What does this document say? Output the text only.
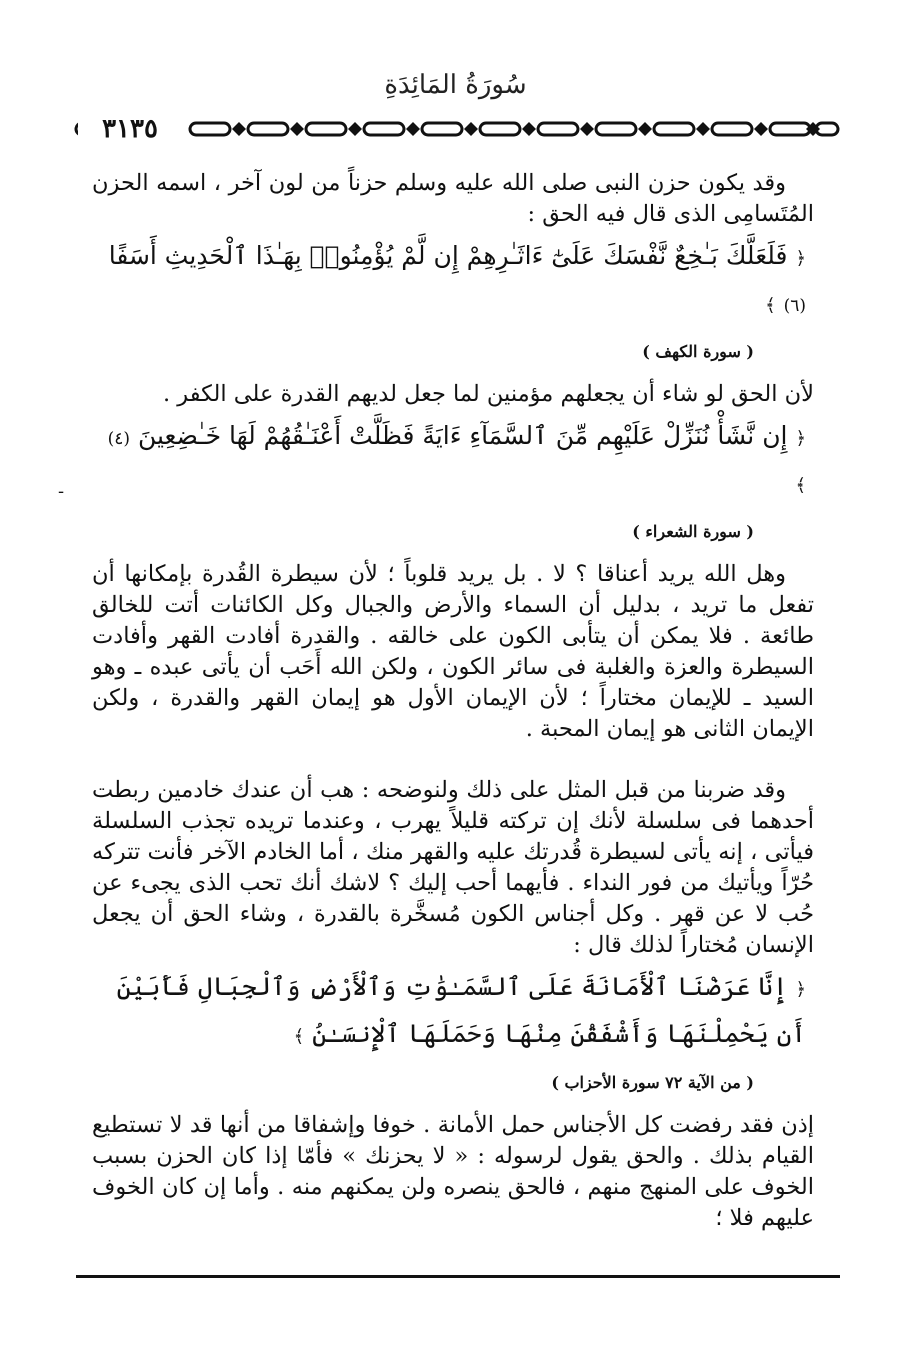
سُورَةُ المَائِدَةِ
٣١٣٥
-

وقد يكون حزن النبى صلى الله عليه وسلم حزناً من لون آخر ، اسمه الحزن المُتَسامِى الذى قال فيه الحق :

﴿ فَلَعَلَّكَ بَـٰخِعٌ نَّفْسَكَ عَلَىٰٓ ءَاثَـٰرِهِمْ إِن لَّمْ يُؤْمِنُوا۟ بِهَـٰذَا ٱلْحَدِيثِ أَسَفًا (٦) ﴾
( سورة الكهف )

لأن الحق لو شاء أن يجعلهم مؤمنين لما جعل لديهم القدرة على الكفر .

﴿ إِن نَّشَأْ نُنَزِّلْ عَلَيْهِم مِّنَ ٱلسَّمَآءِ ءَايَةً فَظَلَّتْ أَعْنَـٰقُهُمْ لَهَا خَـٰضِعِينَ (٤) ﴾
( سورة الشعراء )

وهل الله يريد أعناقا ؟ لا . بل يريد قلوباً ؛ لأن سيطرة القُدرة بإمكانها أن تفعل ما تريد ، بدليل أن السماء والأرض والجبال وكل الكائنات أتت للخالق طائعة . فلا يمكن أن يتأبى الكون على خالقه . والقدرة أفادت القهر وأفادت السيطرة والعزة والغلبة فى سائر الكون ، ولكن الله أَحَب أن يأتى عبده ـ وهو السيد ـ للإيمان مختاراً ؛ لأن الإيمان الأول هو إيمان القهر والقدرة ، ولكن الإيمان الثانى هو إيمان المحبة .

وقد ضربنا من قبل المثل على ذلك ولنوضحه : هب أن عندك خادمين ربطت أحدهما فى سلسلة لأنك إن تركته قليلاً يهرب ، وعندما تريده تجذب السلسلة فيأتى ، إنه يأتى لسيطرة قُدرتك عليه والقهر منك ، أما الخادم الآخر فأنت تتركه حُرّاً ويأتيك من فور النداء . فأيهما أحب إليك ؟ لاشك أنك تحب الذى يجىء عن حُب لا عن قهر . وكل أجناس الكون مُسخَّرة بالقدرة ، وشاء الحق أن يجعل الإنسان مُختاراً لذلك قال :

﴿ إِنَّا عَرَضْنَا ٱلْأَمَانَةَ عَلَى ٱلسَّمَـٰوَٰتِ وَٱلْأَرْضِ وَٱلْجِبَالِ فَأَبَيْنَ أَن يَحْمِلْنَهَا وَأَشْفَقْنَ مِنْهَا وَحَمَلَهَا ٱلْإِنسَـٰنُ ﴾
( من الآية ٧٢ سورة الأحزاب )

إذن فقد رفضت كل الأجناس حمل الأمانة . خوفا وإشفاقا من أنها قد لا تستطيع القيام بذلك . والحق يقول لرسوله : « لا يحزنك » فأمّا إذا كان الحزن بسبب الخوف على المنهج منهم ، فالحق ينصره ولن يمكنهم منه . وأما إن كان الخوف عليهم فلا ؛
